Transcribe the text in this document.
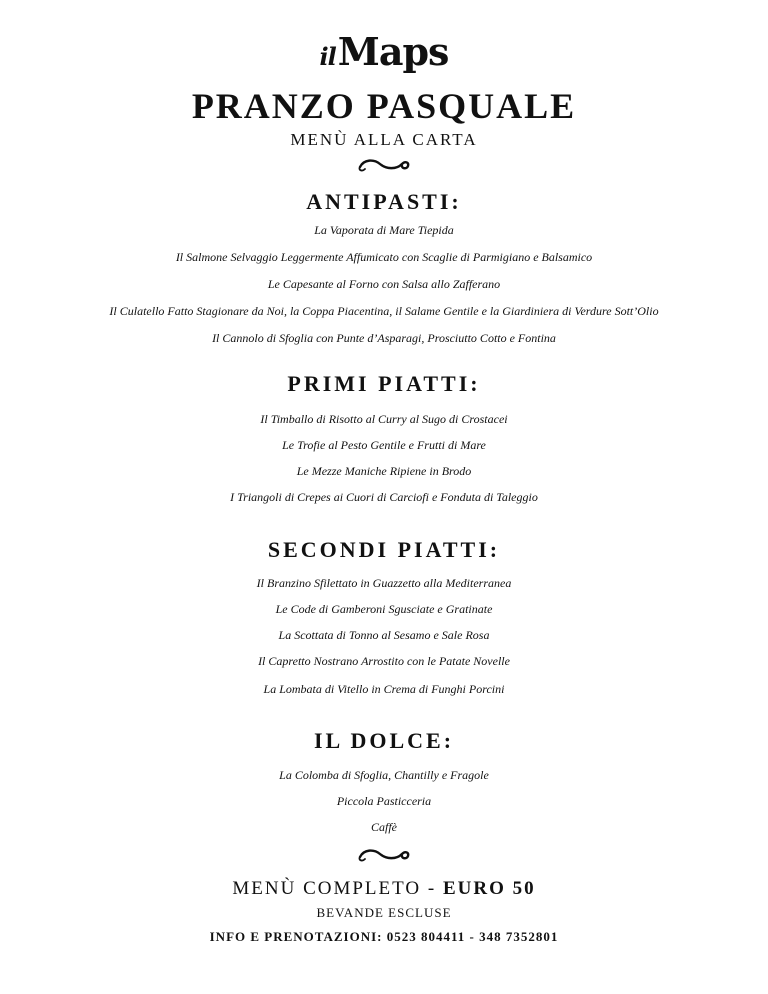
ilMaps
PRANZO PASQUALE
MENÙ ALLA CARTA
ANTIPASTI:
La Vaporata di Mare Tiepida
Il Salmone Selvaggio Leggermente Affumicato con Scaglie di Parmigiano e Balsamico
Le Capesante al Forno con Salsa allo Zafferano
Il Culatello Fatto Stagionare da Noi, la Coppa Piacentina, il Salame Gentile e la Giardiniera di Verdure Sott’Olio
Il Cannolo di Sfoglia con Punte d’Asparagi, Prosciutto Cotto e Fontina
PRIMI PIATTI:
Il Timballo di Risotto al Curry al Sugo di Crostacei
Le Trofie al Pesto Gentile e Frutti di Mare
Le Mezze Maniche Ripiene in Brodo
I Triangoli di Crepes ai Cuori di Carciofi e Fonduta di Taleggio
SECONDI PIATTI:
Il Branzino Sfilettato in Guazzetto alla Mediterranea
Le Code di Gamberoni Sgusciate e Gratinate
La Scottata di Tonno al Sesamo e Sale Rosa
Il Capretto Nostrano Arrostito con le Patate Novelle
La Lombata di Vitello in Crema di Funghi Porcini
IL DOLCE:
La Colomba di Sfoglia, Chantilly e Fragole
Piccola Pasticceria
Caffè
MENÙ COMPLETO - EURO 50
BEVANDE ESCLUSE
INFO E PRENOTAZIONI: 0523 804411 - 348 7352801
